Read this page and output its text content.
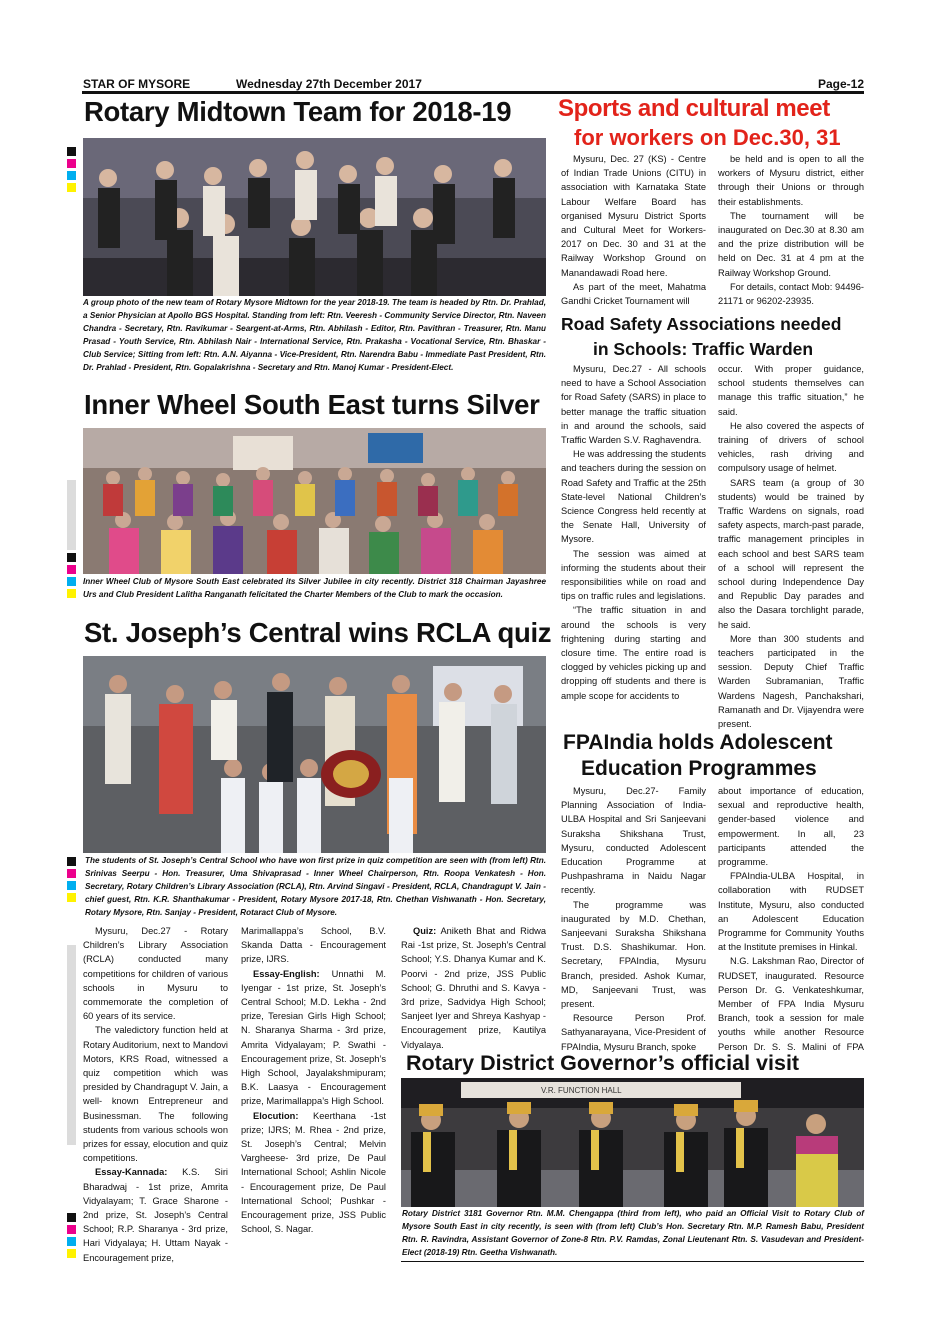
STAR OF MYSORE	Wednesday 27th December 2017	Page-12
Rotary Midtown Team for 2018-19

A group photo of the new team of Rotary Mysore Midtown for the year 2018-19. The team is headed by Rtn. Dr. Prahlad, a Senior Physician at Apollo BGS Hospital. Standing from left: Rtn. Veeresh - Community Service Director, Rtn. Naveen Chandra - Secretary, Rtn. Ravikumar - Seargent-at-Arms, Rtn. Abhilash - Editor, Rtn. Pavithran - Treasurer, Rtn. Manu Prasad - Youth Service, Rtn. Abhilash Nair - International Service, Rtn. Prakasha - Vocational Service, Rtn. Bhaskar - Club Service; Sitting from left: Rtn. A.N. Aiyanna - Vice-President, Rtn. Narendra Babu - Immediate Past President, Rtn. Dr. Prahlad - President, Rtn. Gopalakrishna - Secretary and Rtn. Manoj Kumar - President-Elect.

Inner Wheel South East turns Silver

Inner Wheel Club of Mysore South East celebrated its Silver Jubilee in city recently. District 318 Chairman Jayashree Urs and Club President Lalitha Ranganath felicitated the Charter Members of the Club to mark the occasion.

St. Joseph’s Central wins RCLA quiz

The students of St. Joseph’s Central School who have won first prize in quiz competition are seen with (from left) Rtn. Srinivas Seerpu - Hon. Treasurer, Uma Shivaprasad - Inner Wheel Chairperson, Rtn. Roopa Venkatesh - Hon. Secretary, Rotary Children’s Library Association (RCLA), Rtn. Arvind Singavi - President, RCLA, Chandragupt V. Jain - chief guest, Rtn. K.R. Shanthakumar - President, Rotary Mysore 2017-18, Rtn. Chethan Vishwanath - Hon. Secretary, Rotary Mysore, Rtn. Sanjay - President, Rotaract Club of Mysore.

Mysuru, Dec.27 - Rotary Children’s Library Association (RCLA) conducted many competitions for children of various schools in Mysuru to commemorate the completion of 60 years of its service.

The valedictory function held at Rotary Auditorium, next to Mandovi Motors, KRS Road, witnessed a quiz competition which was presided by Chandragupt V. Jain, a well- known Entrepreneur and Businessman. The following students from various schools won prizes for essay, elocution and quiz competitions.

Essay-Kannada: K.S. Siri Bharadwaj - 1st prize, Amrita Vidyalayam; T. Grace Sharone - 2nd prize, St. Joseph’s Central School; R.P. Sharanya - 3rd prize, Hari Vidyalaya; H. Uttam Nayak - Encouragement prize,

Marimallappa’s School, B.V. Skanda Datta - Encouragement prize, IJRS.

Essay-English: Unnathi M. Iyengar - 1st prize, St. Joseph’s Central School; M.D. Lekha - 2nd prize, Teresian Girls High School; N. Sharanya Sharma - 3rd prize, Amrita Vidyalayam; P. Swathi - Encouragement prize, St. Joseph’s High School, Jayalakshmipuram; B.K. Laasya - Encouragement prize, Marimallappa’s High School.

Elocution: Keerthana -1st prize; IJRS; M. Rhea - 2nd prize, St. Joseph’s Central; Melvin Vargheese- 3rd prize, De Paul International School; Ashlin Nicole - Encouragement prize, De Paul International School; Pushkar - Encouragement prize, JSS Public School, S. Nagar.

Quiz: Aniketh Bhat and Ridwa Rai -1st prize, St. Joseph’s Central School; Y.S. Dhanya Kumar and K. Poorvi - 2nd prize, JSS Public School; G. Dhruthi and S. Kavya - 3rd prize, Sadvidya High School; Sanjeet Iyer and Shreya Kashyap - Encouragement prize, Kautilya Vidyalaya.

Sports and cultural meet
for workers on Dec.30, 31

Mysuru, Dec. 27 (KS) - Centre of Indian Trade Unions (CITU) in association with Karnataka State Labour Welfare Board has organised Mysuru District Sports and Cultural Meet for Workers-2017 on Dec. 30 and 31 at the Railway Workshop Ground on Manandawadi Road here.

As part of the meet, Mahatma Gandhi Cricket Tournament will

be held and is open to all the workers of Mysuru district, either through their Unions or through their establishments.

The tournament will be inaugurated on Dec.30 at 8.30 am and the prize distribution will be held on Dec. 31 at 4 pm at the Railway Workshop Ground.

For details, contact Mob: 94496-21171 or 96202-23935.

Road Safety Associations needed
in Schools: Traffic Warden

Mysuru, Dec.27 - All schools need to have a School Association for Road Safety (SARS) in place to better manage the traffic situation in and around the schools, said Traffic Warden S.V. Raghavendra.

He was addressing the students and teachers during the session on Road Safety and Traffic at the 25th State-level National Children’s Science Congress held recently at the Senate Hall, University of Mysore.

The session was aimed at informing the students about their responsibilities while on road and tips on traffic rules and legislations.

“The traffic situation in and around the schools is very frightening during starting and closure time. The entire road is clogged by vehicles picking up and dropping off students and there is ample scope for accidents to

occur. With proper guidance, school students themselves can manage this traffic situation,” he said.

He also covered the aspects of training of drivers of school vehicles, rash driving and compulsory usage of helmet.

SARS team (a group of 30 students) would be trained by Traffic Wardens on signals, road safety aspects, march-past parade, traffic management principles in each school and best SARS team of a school will represent the school during Independence Day and Republic Day parades and also the Dasara torchlight parade, he said.

More than 300 students and teachers participated in the session. Deputy Chief Traffic Warden Subramanian, Traffic Wardens Nagesh, Panchakshari, Ramanath and Dr. Vijayendra were present.

FPAIndia holds Adolescent
Education Programmes

Mysuru, Dec.27- Family Planning Association of India-ULBA Hospital and Sri Sanjeevani Suraksha Shikshana Trust, Mysuru, conducted Adolescent Education Programme at Pushpashrama in Naidu Nagar recently.

The programme was inaugurated by M.D. Chethan, Sanjeevani Suraksha Shikshana Trust. D.S. Shashikumar. Hon. Secretary, FPAIndia, Mysuru Branch, presided. Ashok Kumar, MD, Sanjeevani Trust, was present.

Resource Person Prof. Sathyanarayana, Vice-President of FPAIndia, Mysuru Branch, spoke

about importance of education, sexual and reproductive health, gender-based violence and empowerment. In all, 23 participants attended the programme.

FPAIndia-ULBA Hospital, in collaboration with RUDSET Institute, Mysuru, also conducted an Adolescent Education Programme for Community Youths at the Institute premises in Hinkal.

N.G. Lakshman Rao, Director of RUDSET, inaugurated. Resource Person Dr. G. Venkateshkumar, Member of FPA India Mysuru Branch, took a session for male youths while another Resource Person Dr. S. S. Malini of FPA

Rotary District Governor’s official visit
V.R. FUNCTION HALL

Rotary District 3181 Governor Rtn. M.M. Chengappa (third from left), who paid an Official Visit to Rotary Club of Mysore South East in city recently, is seen with (from left) Club’s Hon. Secretary Rtn. M.P. Ramesh Babu, President Rtn. R. Ravindra, Assistant Governor of Zone-8 Rtn. P.V. Ramdas, Zonal Lieutenant Rtn. S. Vasudevan and President-Elect (2018-19) Rtn. Geetha Vishwanath.
